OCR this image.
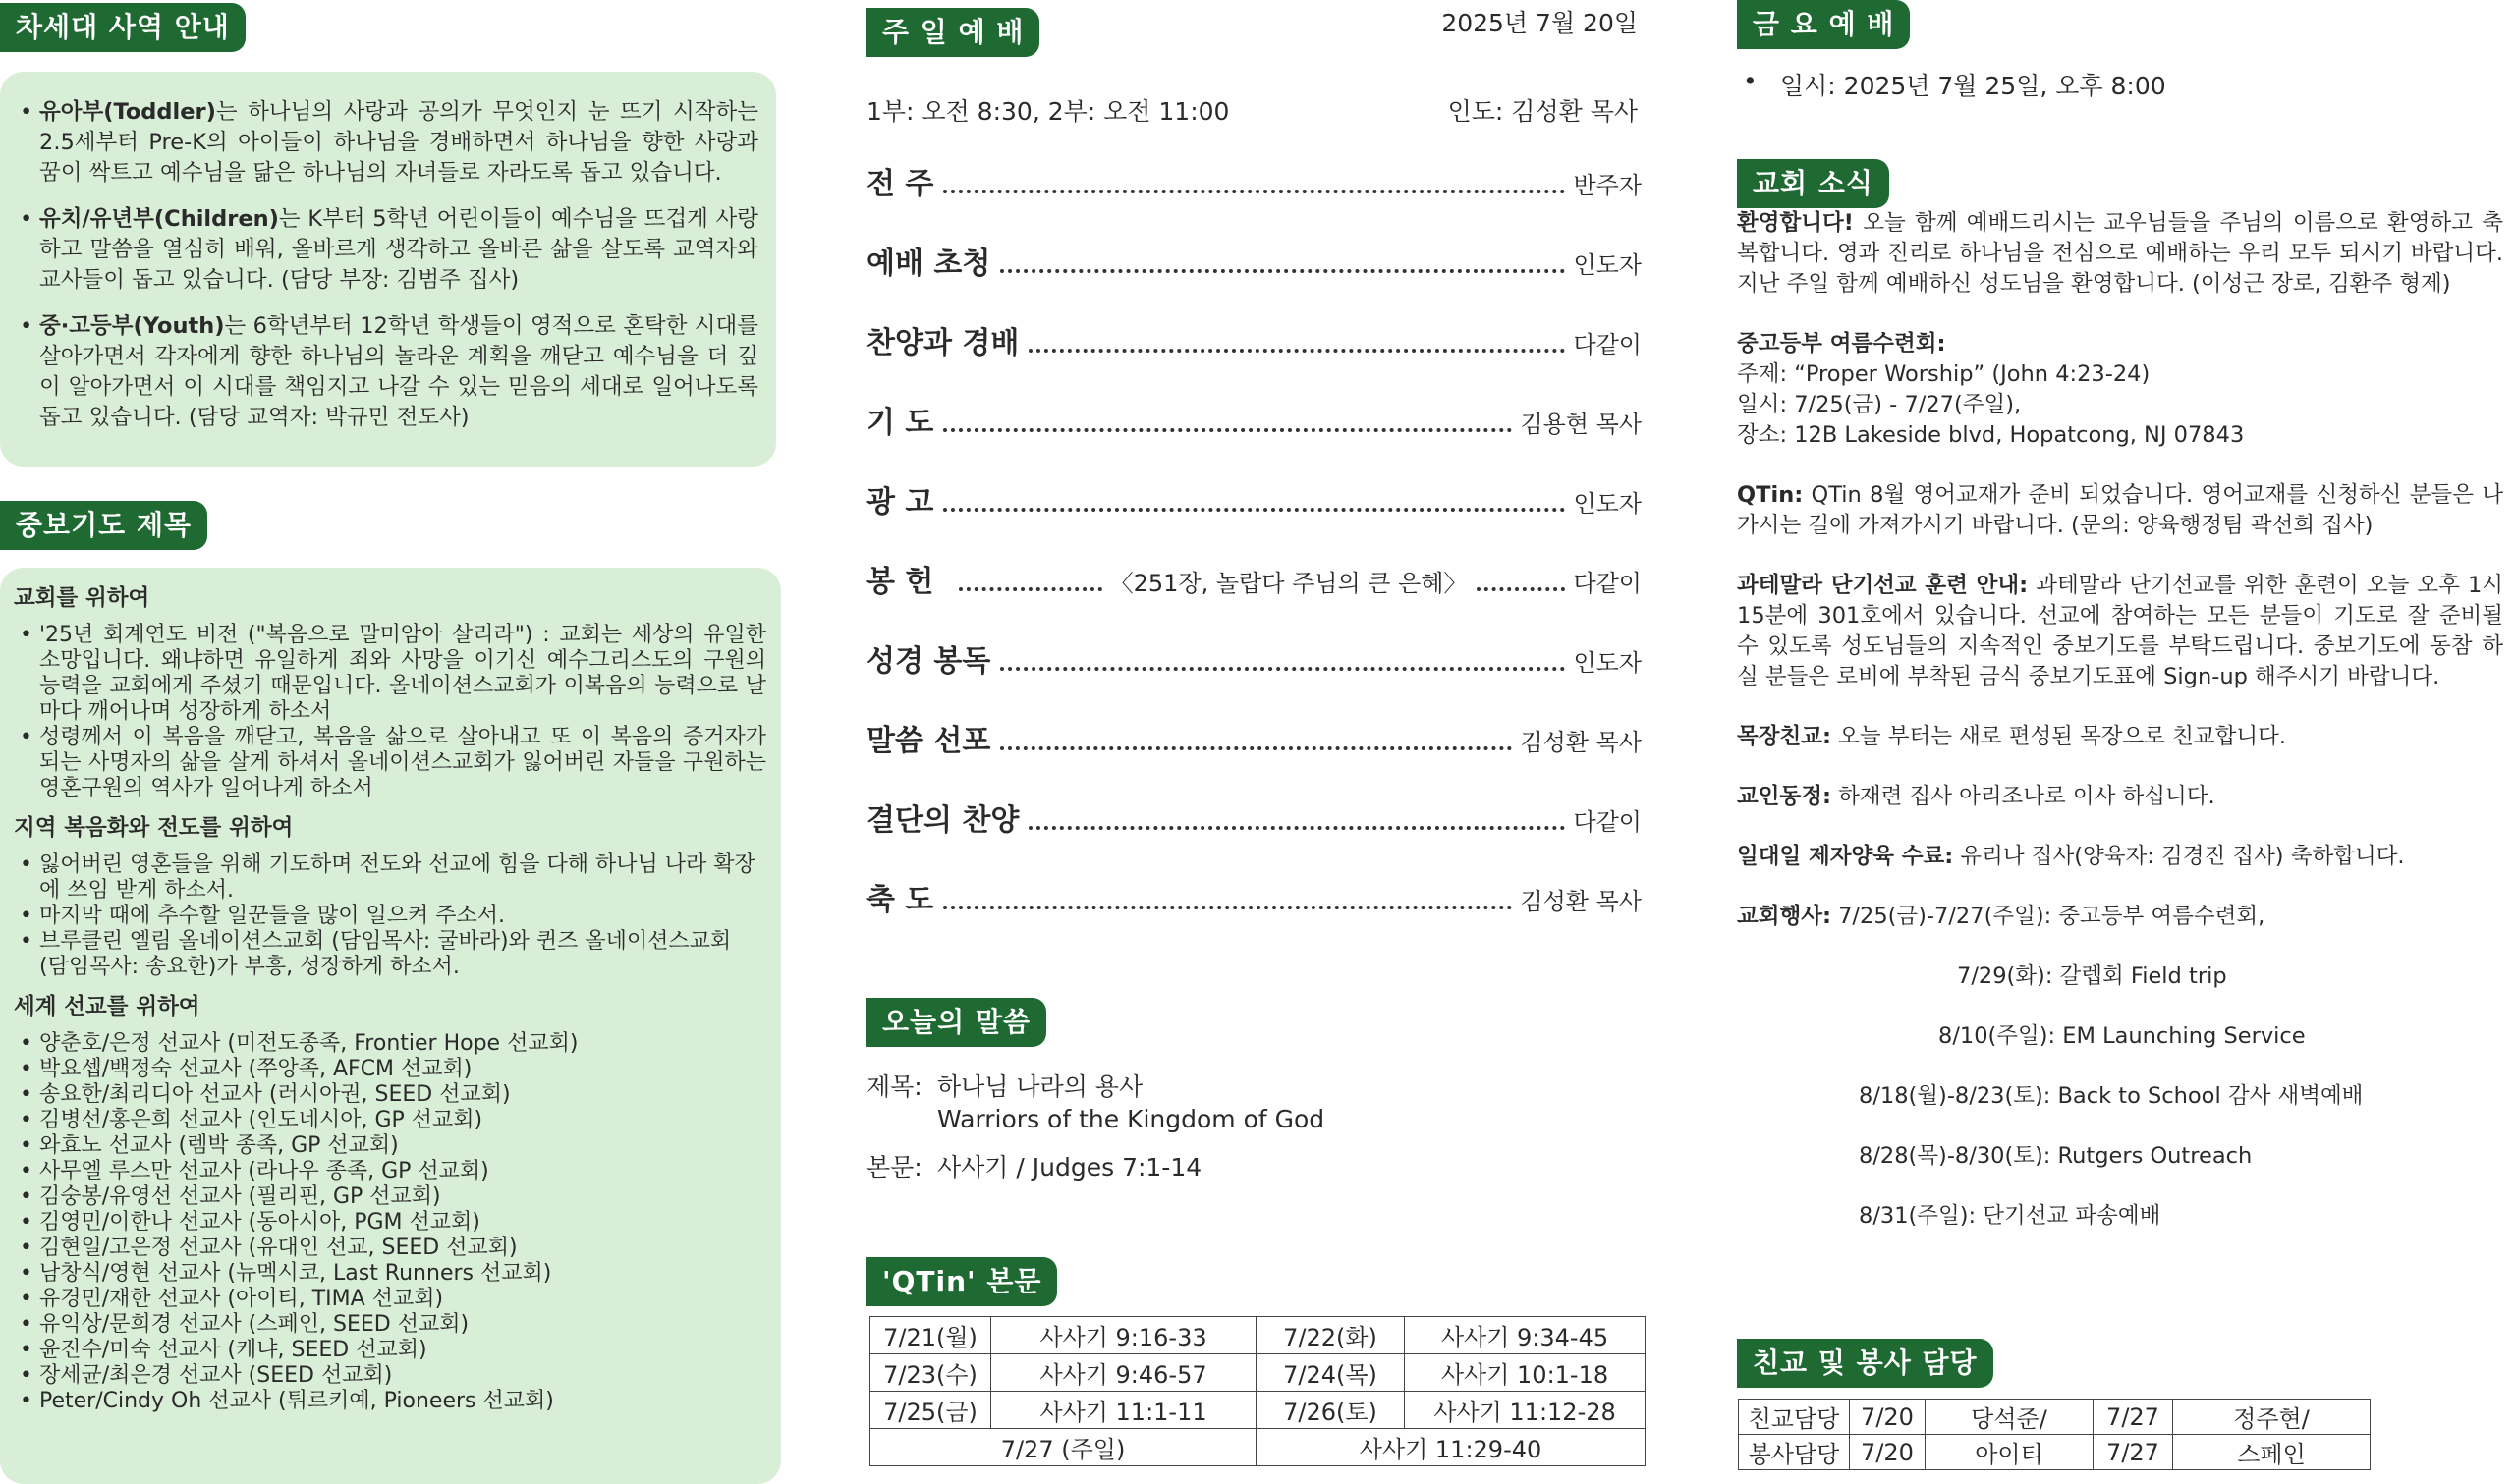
차세대 사역 안내
• 유아부(Toddler)는 하나님의 사랑과 공의가 무엇인지 눈 뜨기 시작하는 2.5세부터 Pre-K의 아이들이 하나님을 경배하면서 하나님을 향한 사랑과 꿈이 싹트고 예수님을 닮은 하나님의 자녀들로 자라도록 돕고 있습니다.
• 유치/유년부(Children)는 K부터 5학년 어린이들이 예수님을 뜨겁게 사랑하고 말씀을 열심히 배워, 올바르게 생각하고 올바른 삶을 살도록 교역자와 교사들이 돕고 있습니다. (담당 부장: 김범주 집사)
• 중·고등부(Youth)는 6학년부터 12학년 학생들이 영적으로 혼탁한 시대를 살아가면서 각자에게 향한 하나님의 놀라운 계획을 깨닫고 예수님을 더 깊이 알아가면서 이 시대를 책임지고 나갈 수 있는 믿음의 세대로 일어나도록 돕고 있습니다. (담당 교역자: 박규민 전도사)
중보기도 제목
교회를 위하여
• '25년 회계연도 비전 ("복음으로 말미암아 살리라") : 교회는 세상의 유일한 소망입니다. 왜냐하면 유일하게 죄와 사망을 이기신 예수그리스도의 구원의 능력을 교회에게 주셨기 때문입니다. 올네이션스교회가 이복음의 능력으로 날마다 깨어나며 성장하게 하소서
• 성령께서 이 복음을 깨닫고, 복음을 삶으로 살아내고 또 이 복음의 증거자가 되는 사명자의 삶을 살게 하셔서 올네이션스교회가 잃어버린 자들을 구원하는 영혼구원의 역사가 일어나게 하소서
지역 복음화와 전도를 위하여
• 잃어버린 영혼들을 위해 기도하며 전도와 선교에 힘을 다해 하나님 나라 확장에 쓰임 받게 하소서.
• 마지막 때에 추수할 일꾼들을 많이 일으켜 주소서.
• 브루클린 엘림 올네이션스교회 (담임목사: 굴바라)와 퀸즈 올네이션스교회 (담임목사: 송요한)가 부흥, 성장하게 하소서.
세계 선교를 위하여
• 양춘호/은정 선교사 (미전도종족, Frontier Hope 선교회)
• 박요셉/백정숙 선교사 (쭈앙족, AFCM 선교회)
• 송요한/최리디아 선교사 (러시아권, SEED 선교회)
• 김병선/홍은희 선교사 (인도네시아, GP 선교회)
• 와효노 선교사 (렘박 종족, GP 선교회)
• 사무엘 루스만 선교사 (라나우 종족, GP 선교회)
• 김숭봉/유영선 선교사 (필리핀, GP 선교회)
• 김영민/이한나 선교사 (동아시아, PGM 선교회)
• 김현일/고은정 선교사 (유대인 선교, SEED 선교회)
• 남창식/영현 선교사 (뉴멕시코, Last Runners 선교회)
• 유경민/재한 선교사 (아이티, TIMA 선교회)
• 유익상/문희경 선교사 (스페인, SEED 선교회)
• 윤진수/미숙 선교사 (케냐, SEED 선교회)
• 장세균/최은경 선교사 (SEED 선교회)
• Peter/Cindy Oh 선교사 (튀르키예, Pioneers 선교회)
주 일 예 배	2025년 7월 20일
1부: 오전 8:30, 2부: 오전 11:00	인도: 김성환 목사
전 주	반주자
예배 초청	인도자
찬양과 경배	다같이
기 도	김용현 목사
광 고	인도자
봉 헌	〈251장, 놀랍다 주님의 큰 은혜〉	다같이
성경 봉독	인도자
말씀 선포	김성환 목사
결단의 찬양	다같이
축 도	김성환 목사
오늘의 말씀
제목: 하나님 나라의 용사
Warriors of the Kingdom of God
본문: 사사기 / Judges 7:1-14
'QTin' 본문
7/21(월)	사사기 9:16-33	7/22(화)	사사기 9:34-45
7/23(수)	사사기 9:46-57	7/24(목)	사사기 10:1-18
7/25(금)	사사기 11:1-11	7/26(토)	사사기 11:12-28
7/27 (주일)		사사기 11:29-40	
금 요 예 배
• 일시: 2025년 7월 25일, 오후 8:00
교회 소식

환영합니다! 오늘 함께 예배드리시는 교우님들을 주님의 이름으로 환영하고 축복합니다. 영과 진리로 하나님을 전심으로 예배하는 우리 모두 되시기 바랍니다. 지난 주일 함께 예배하신 성도님을 환영합니다. (이성근 장로, 김환주 형제)

중고등부 여름수련회:
주제: “Proper Worship” (John 4:23-24)
일시: 7/25(금) - 7/27(주일),
장소: 12B Lakeside blvd, Hopatcong, NJ 07843

QTin: QTin 8월 영어교재가 준비 되었습니다. 영어교재를 신청하신 분들은 나가시는 길에 가져가시기 바랍니다. (문의: 양육행정팀 곽선희 집사)

과테말라 단기선교 훈련 안내: 과테말라 단기선교를 위한 훈련이 오늘 오후 1시 15분에 301호에서 있습니다. 선교에 참여하는 모든 분들이 기도로 잘 준비될 수 있도록 성도님들의 지속적인 중보기도를 부탁드립니다. 중보기도에 동참 하실 분들은 로비에 부착된 금식 중보기도표에 Sign-up 해주시기 바랍니다.

목장친교: 오늘 부터는 새로 편성된 목장으로 친교합니다.

교인동정: 하재련 집사 아리조나로 이사 하십니다.

일대일 제자양육 수료: 유리나 집사(양육자: 김경진 집사) 축하합니다.

교회행사: 7/25(금)-7/27(주일): 중고등부 여름수련회,

7/29(화): 갈렙회 Field trip

8/10(주일): EM Launching Service

8/18(월)-8/23(토): Back to School 감사 새벽예배

8/28(목)-8/30(토): Rutgers Outreach

8/31(주일): 단기선교 파송예배

친교 및 봉사 담당
친교담당	7/20	당석준/	7/27	정주현/
봉사담당	7/20	아이티	7/27	스페인
